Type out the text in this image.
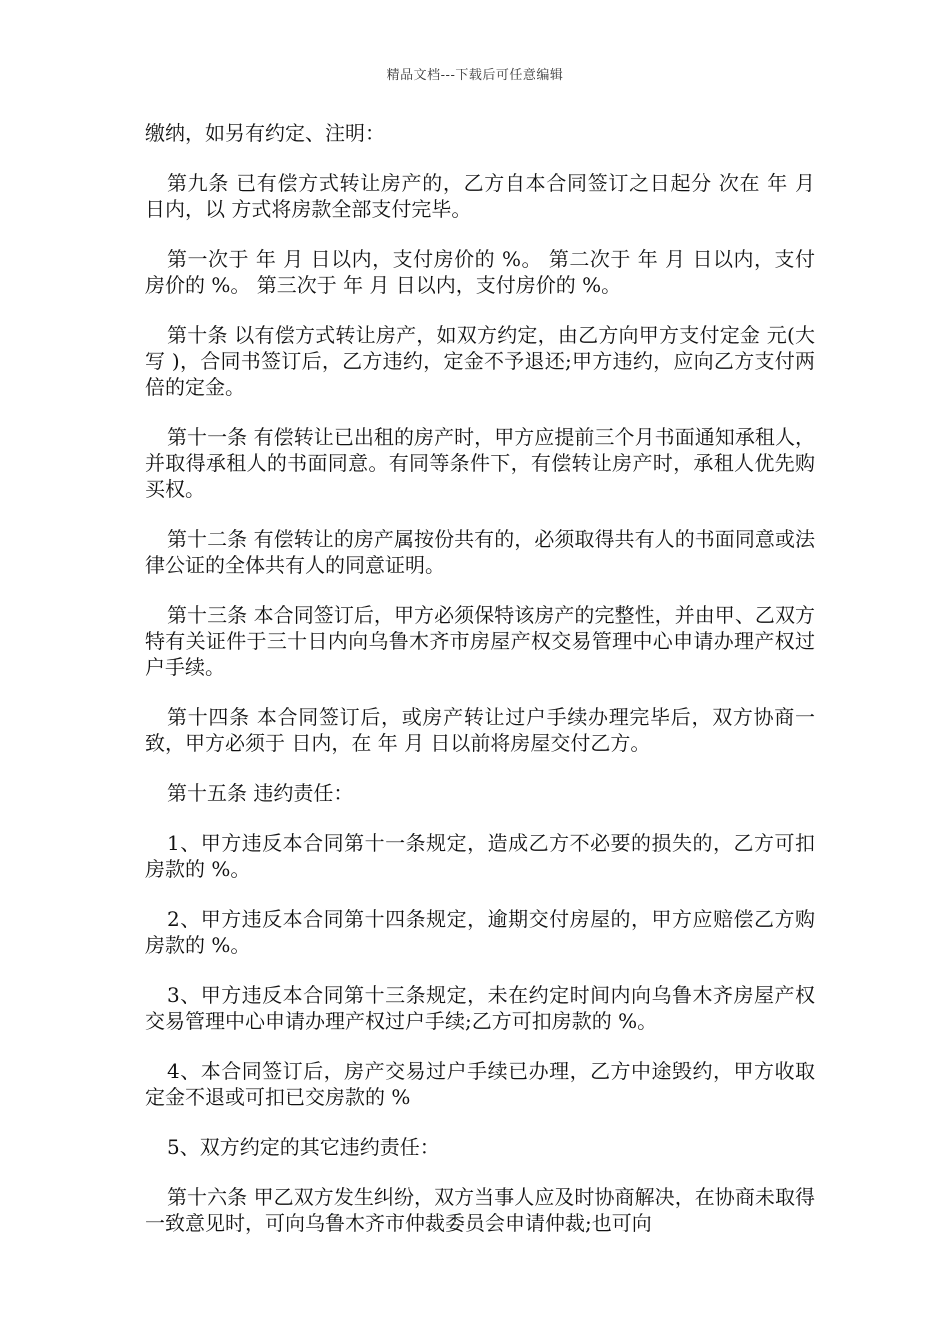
精品文档---下载后可任意编辑

缴纳，如另有约定、注明：

第九条 已有偿方式转让房产的，乙方自本合同签订之日起分 次在 年 月 日内，以 方式将房款全部支付完毕。

第一次于 年 月 日以内，支付房价的 %。 第二次于 年 月 日以内，支付房价的 %。 第三次于 年 月 日以内，支付房价的 %。

第十条 以有偿方式转让房产，如双方约定，由乙方向甲方支付定金 元(大写 )，合同书签订后，乙方违约，定金不予退还;甲方违约，应向乙方支付两倍的定金。

第十一条 有偿转让已出租的房产时，甲方应提前三个月书面通知承租人，并取得承租人的书面同意。有同等条件下，有偿转让房产时，承租人优先购买权。

第十二条 有偿转让的房产属按份共有的，必须取得共有人的书面同意或法律公证的全体共有人的同意证明。

第十三条 本合同签订后，甲方必须保特该房产的完整性，并由甲、乙双方特有关证件于三十日内向乌鲁木齐市房屋产权交易管理中心申请办理产权过户手续。

第十四条 本合同签订后，或房产转让过户手续办理完毕后，双方协商一致，甲方必须于 日内，在 年 月 日以前将房屋交付乙方。

第十五条 违约责任：

1、甲方违反本合同第十一条规定，造成乙方不必要的损失的，乙方可扣房款的 %。

2、甲方违反本合同第十四条规定，逾期交付房屋的，甲方应赔偿乙方购房款的 %。

3、甲方违反本合同第十三条规定，未在约定时间内向乌鲁木齐房屋产权交易管理中心申请办理产权过户手续;乙方可扣房款的 %。

4、本合同签订后，房产交易过户手续已办理，乙方中途毁约，甲方收取定金不退或可扣已交房款的 %

5、双方约定的其它违约责任：

第十六条 甲乙双方发生纠纷，双方当事人应及时协商解决，在协商未取得一致意见时，可向乌鲁木齐市仲裁委员会申请仲裁;也可向
